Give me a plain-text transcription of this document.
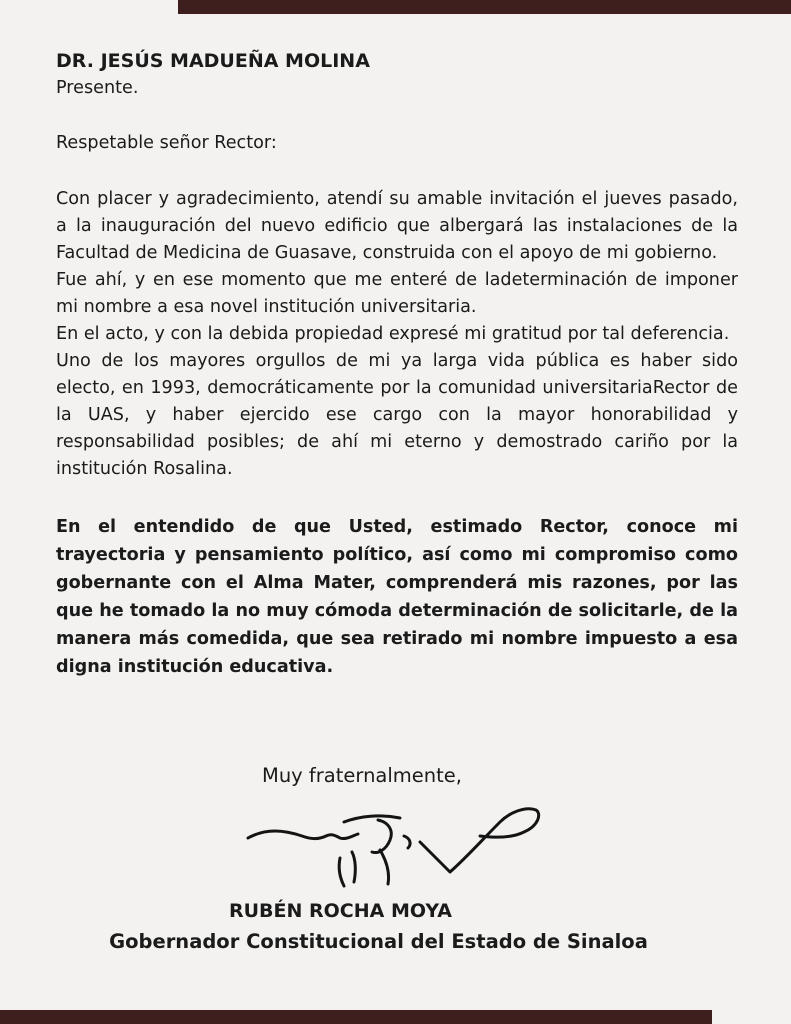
DR. JESÚS MADUEÑA MOLINA

Presente.

Respetable señor Rector:

Con placer y agradecimiento, atendí su amable invitación el jueves pasado, a la inauguración del nuevo edificio que albergará las instalaciones de la Facultad de Medicina de Guasave, construida con el apoyo de mi gobierno.

Fue ahí, y en ese momento que me enteré de ladeterminación de imponer mi nombre a esa novel institución universitaria.

En el acto, y con la debida propiedad expresé mi gratitud por tal deferencia.

Uno de los mayores orgullos de mi ya larga vida pública es haber sido electo, en 1993, democráticamente por la comunidad universitariaRector de la UAS, y haber ejercido ese cargo con la mayor honorabilidad y responsabilidad posibles; de ahí mi eterno y demostrado cariño por la institución Rosalina.

En el entendido de que Usted, estimado Rector, conoce mi trayectoria y pensamiento político, así como mi compromiso como gobernante con el Alma Mater, comprenderá mis razones, por las que he tomado la no muy cómoda determinación de solicitarle, de la manera más comedida, que sea retirado mi nombre impuesto a esa digna institución educativa.

Muy fraternalmente,
RUBÉN ROCHA MOYA
Gobernador Constitucional del Estado de Sinaloa
